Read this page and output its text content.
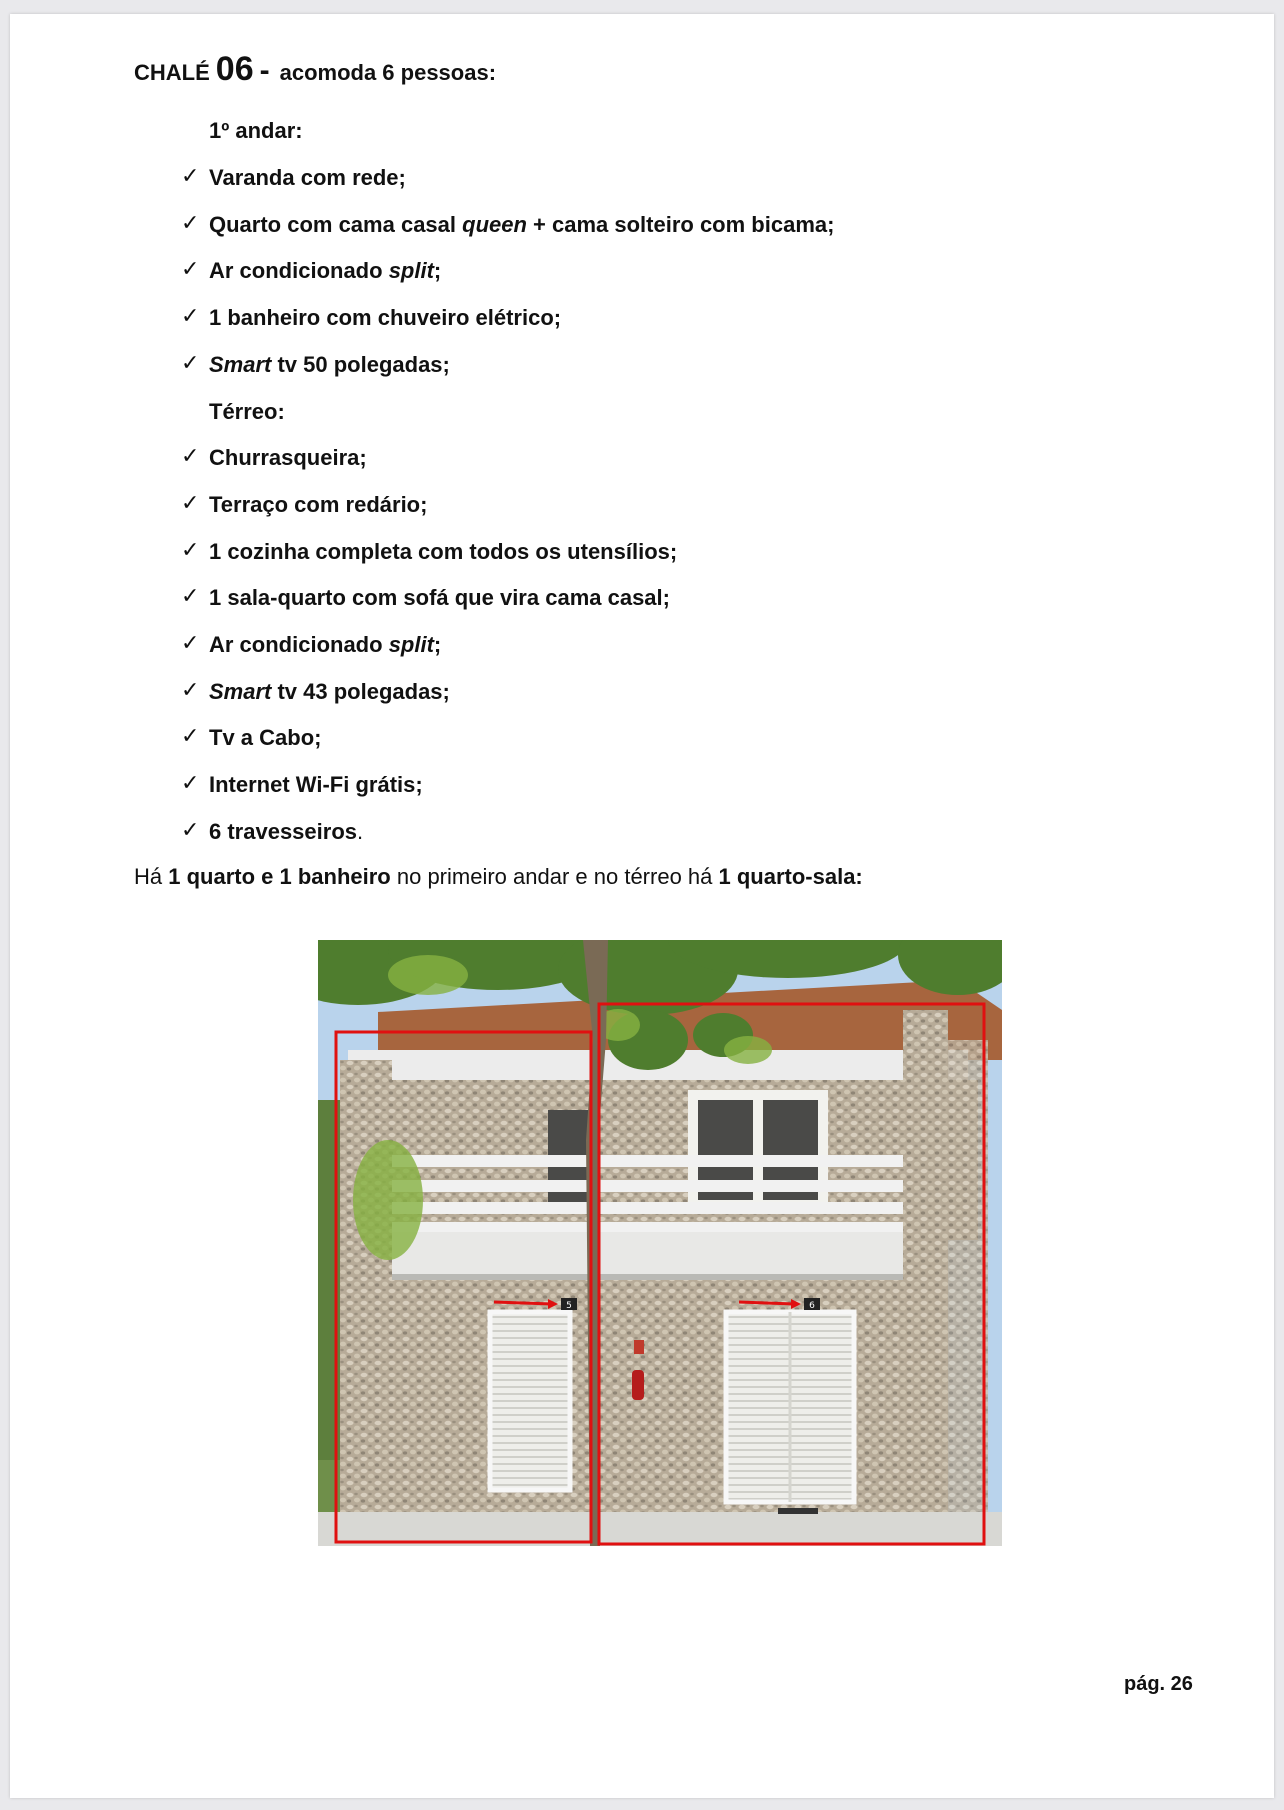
CHALÉ 06 - acomoda 6 pessoas:
1º andar:
✓ Varanda com rede;
✓ Quarto com cama casal queen + cama solteiro com bicama;
✓ Ar condicionado split ;
✓ 1 banheiro com chuveiro elétrico;
✓ Smart tv 50 polegadas;
Térreo:
✓ Churrasqueira;
✓ Terraço com redário;
✓ 1 cozinha completa com todos os utensílios;
✓ 1 sala-quarto com sofá que vira cama casal;
✓ Ar condicionado split ;
✓ Smart tv 43 polegadas;
✓ Tv a Cabo;
✓ Internet Wi-Fi grátis;
✓ 6 travesseiros .
Há 1 quarto e 1 banheiro no primeiro andar e no térreo há 1 quarto-sala:
5	6
pág. 26
